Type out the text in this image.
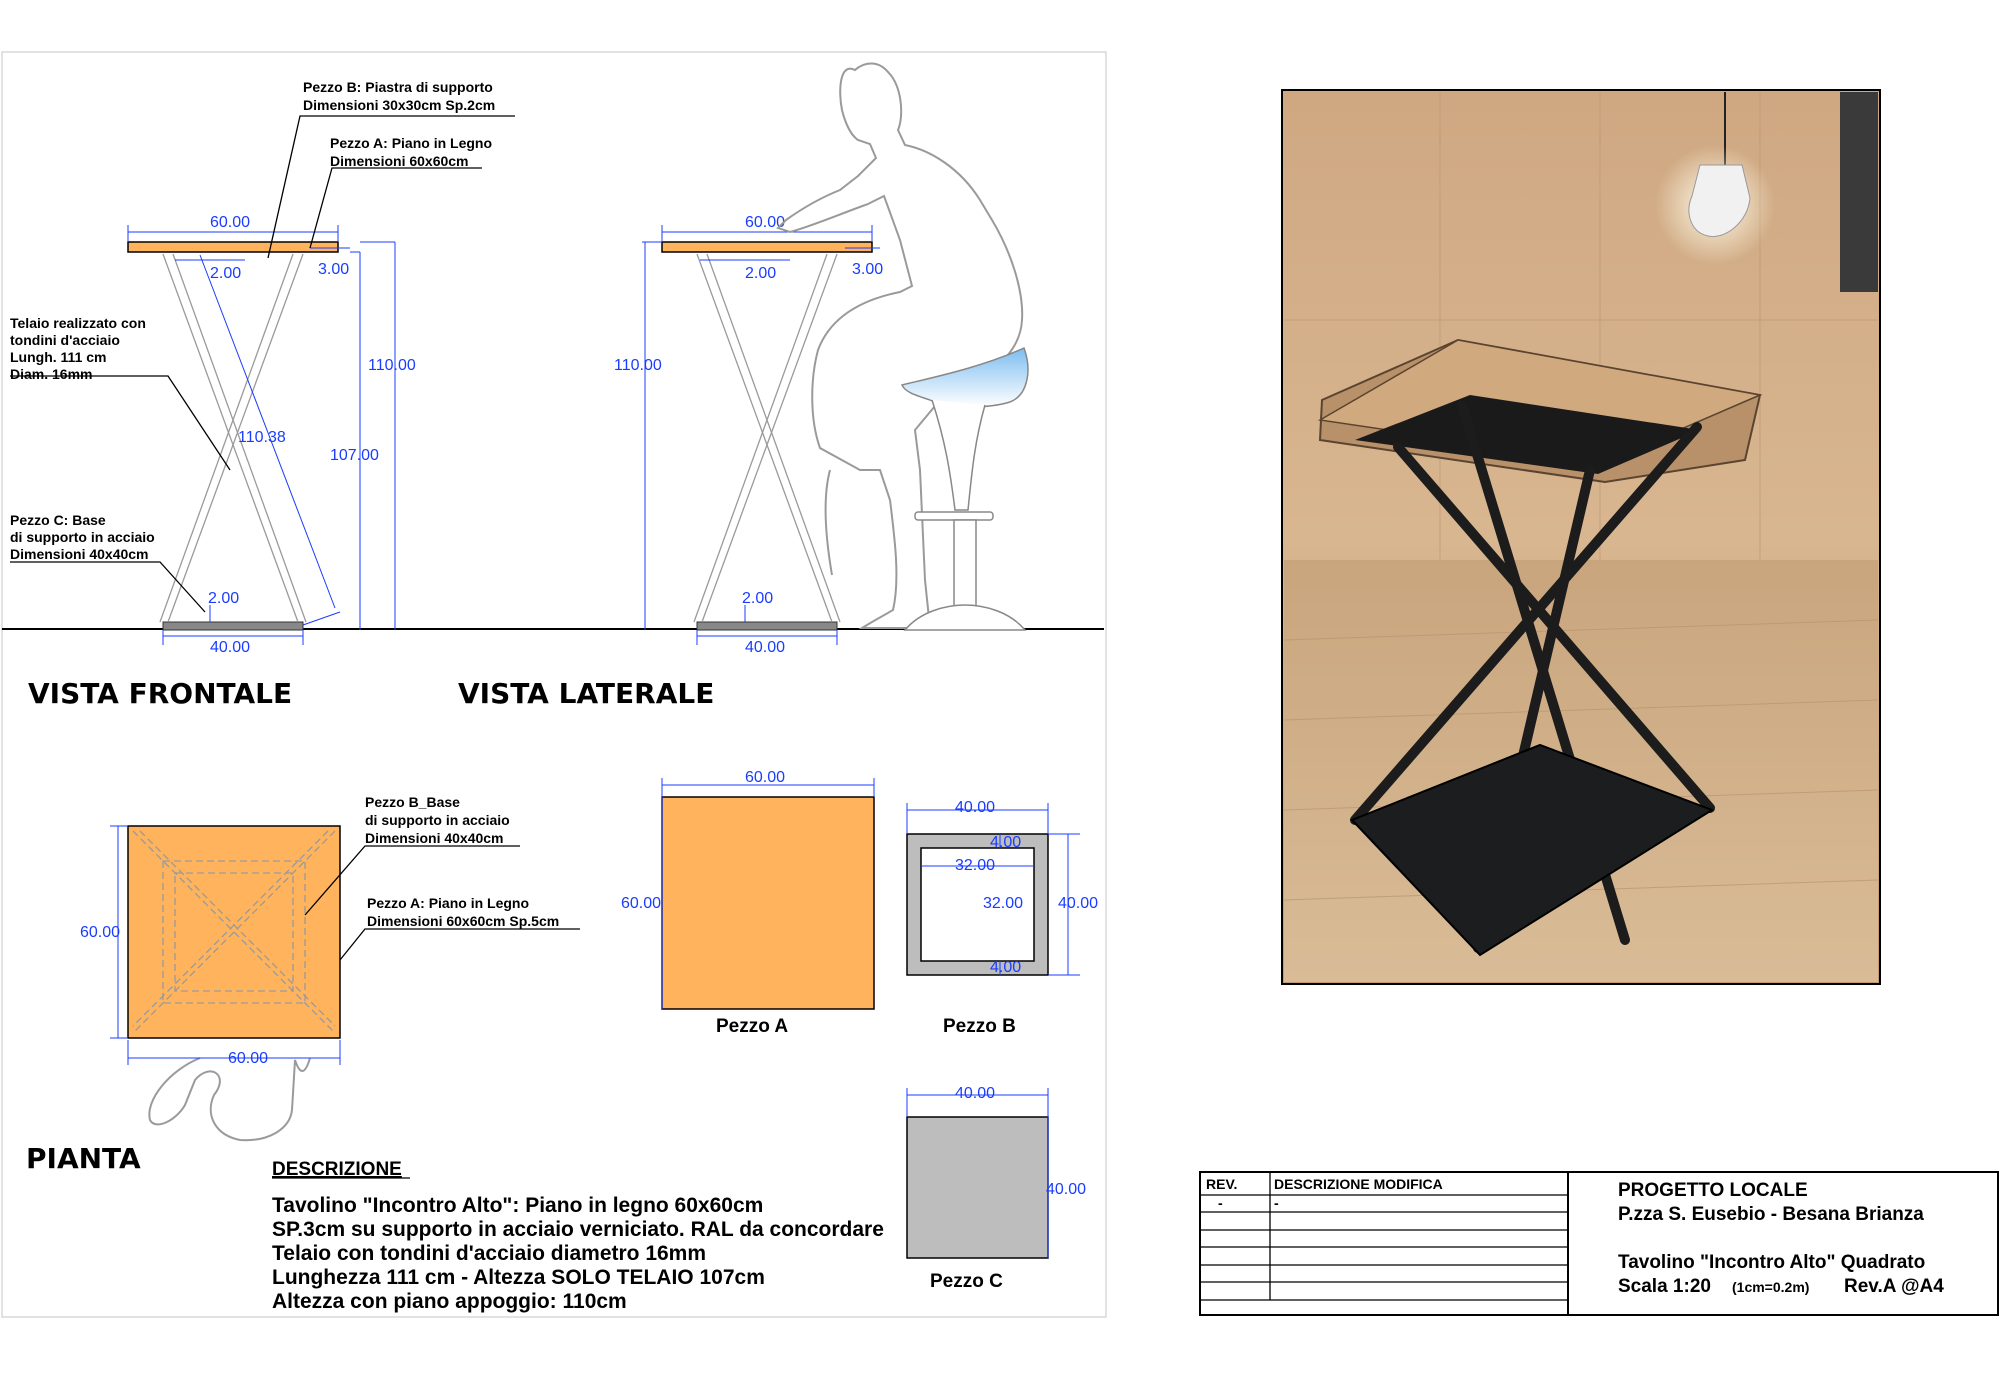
60.00
2.00	3.00
110.00
107.00
110.38
2.00
40.00
Pezzo B: Piastra di supporto
Dimensioni 30x30cm Sp.2cm
Pezzo A: Piano in Legno
Dimensioni 60x60cm
Telaio realizzato con
tondini d'acciaio
Lungh. 111 cm
Diam. 16mm
Pezzo C: Base
di supporto in acciaio
Dimensioni 40x40cm
60.00
2.00	3.00
110.00
2.00
40.00
VISTA FRONTALE	VISTA LATERALE
60.00
60.00
Pezzo B_Base
di supporto in acciaio
Dimensioni 40x40cm
Pezzo A: Piano in Legno
Dimensioni 60x60cm Sp.5cm
PIANTA
60.00
60.00
Pezzo A
40.00
4.00
32.00
32.00 40.00
4.00
Pezzo B
40.00
40.00
Pezzo C
DESCRIZIONE
Tavolino "Incontro Alto": Piano in legno 60x60cm
SP.3cm su supporto in acciaio verniciato. RAL da concordare
Telaio con tondini d'acciaio diametro 16mm
Lunghezza 111 cm - Altezza SOLO TELAIO 107cm
Altezza con piano appoggio: 110cm
REV.	DESCRIZIONE MODIFICA
-	-
PROGETTO LOCALE
P.zza S. Eusebio - Besana Brianza
Tavolino "Incontro Alto" Quadrato
Scala 1:20 (1cm=0.2m) Rev.A @A4
